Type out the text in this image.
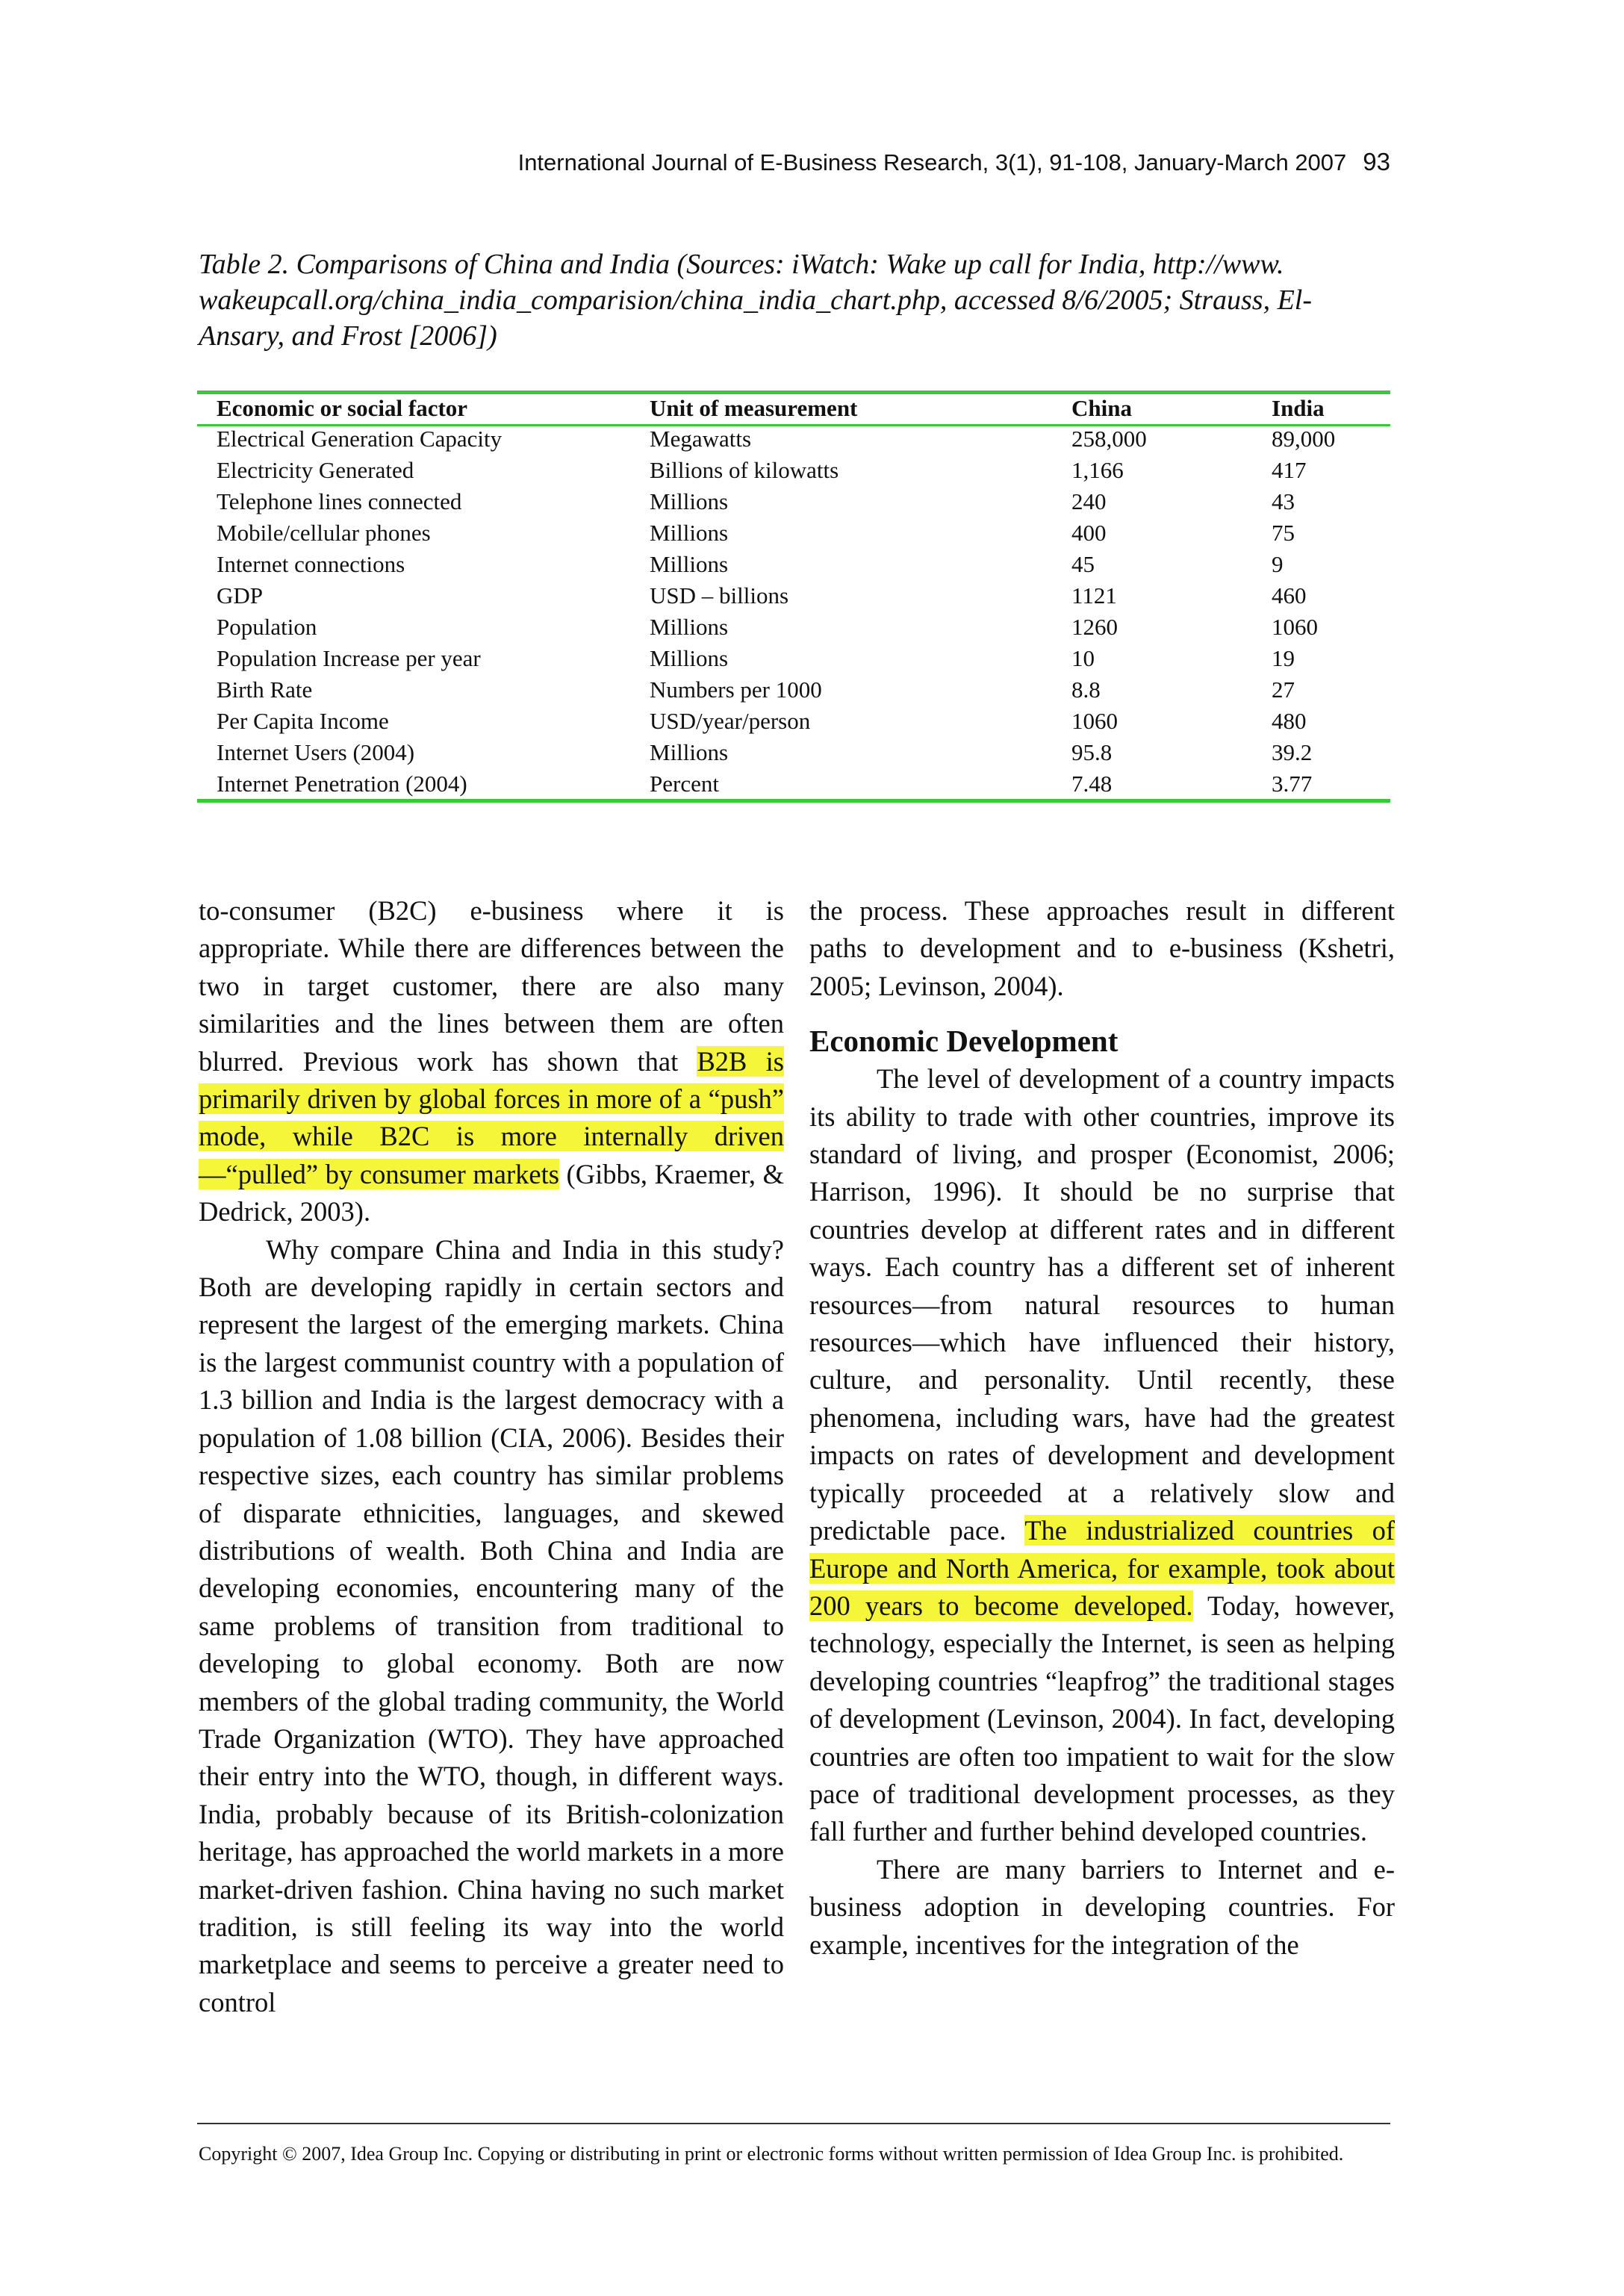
International Journal of E-Business Research, 3(1), 91-108, January-March 2007 93
Table 2. Comparisons of China and India (Sources: iWatch: Wake up call for India, http://www. wakeupcall.org/china_india_comparision/china_india_chart.php, accessed 8/6/2005; Strauss, El-Ansary, and Frost [2006])
Economic or social factor	Unit of measurement	China	India
Electrical Generation Capacity	Megawatts	258,000	89,000
Electricity Generated	Billions of kilowatts	1,166	417
Telephone lines connected	Millions	240	43
Mobile/cellular phones	Millions	400	75
Internet connections	Millions	45	9
GDP	USD – billions	1121	460
Population	Millions	1260	1060
Population Increase per year	Millions	10	19
Birth Rate	Numbers per 1000	8.8	27
Per Capita Income	USD/year/person	1060	480
Internet Users (2004)	Millions	95.8	39.2
Internet Penetration (2004)	Percent	7.48	3.77

to-consumer (B2C) e-business where it is appropriate. While there are differences between the two in target customer, there are also many similarities and the lines between them are often blurred. Previous work has shown that B2B is primarily driven by global forces in more of a “push” mode, while B2C is more internally driven—“pulled” by consumer markets (Gibbs, Kraemer, & Dedrick, 2003).

Why compare China and India in this study? Both are developing rapidly in certain sectors and represent the largest of the emerging markets. China is the largest communist country with a population of 1.3 billion and India is the largest democracy with a population of 1.08 billion (CIA, 2006). Besides their respective sizes, each country has similar problems of disparate ethnicities, languages, and skewed distributions of wealth. Both China and India are developing economies, encountering many of the same problems of transition from traditional to developing to global economy. Both are now members of the global trading community, the World Trade Organization (WTO). They have approached their entry into the WTO, though, in different ways. India, probably because of its British-colonization heritage, has approached the world markets in a more market-driven fashion. China having no such market tradition, is still feeling its way into the world marketplace and seems to perceive a greater need to control

the process. These approaches result in different paths to development and to e-business (Kshetri, 2005; Levinson, 2004).

Economic Development

The level of development of a country impacts its ability to trade with other countries, improve its standard of living, and prosper (Economist, 2006; Harrison, 1996). It should be no surprise that countries develop at different rates and in different ways. Each country has a different set of inherent resources—from natural resources to human resources—which have influenced their history, culture, and personality. Until recently, these phenomena, including wars, have had the greatest impacts on rates of development and development typically proceeded at a relatively slow and predictable pace. The industrialized countries of Europe and North America, for example, took about 200 years to become developed. Today, however, technology, especially the Internet, is seen as helping developing countries “leapfrog” the traditional stages of development (Levinson, 2004). In fact, developing countries are often too impatient to wait for the slow pace of traditional development processes, as they fall further and further behind developed countries.

There are many barriers to Internet and e-business adoption in developing countries. For example, incentives for the integration of the

Copyright © 2007, Idea Group Inc. Copying or distributing in print or electronic forms without written permission of Idea Group Inc. is prohibited.
